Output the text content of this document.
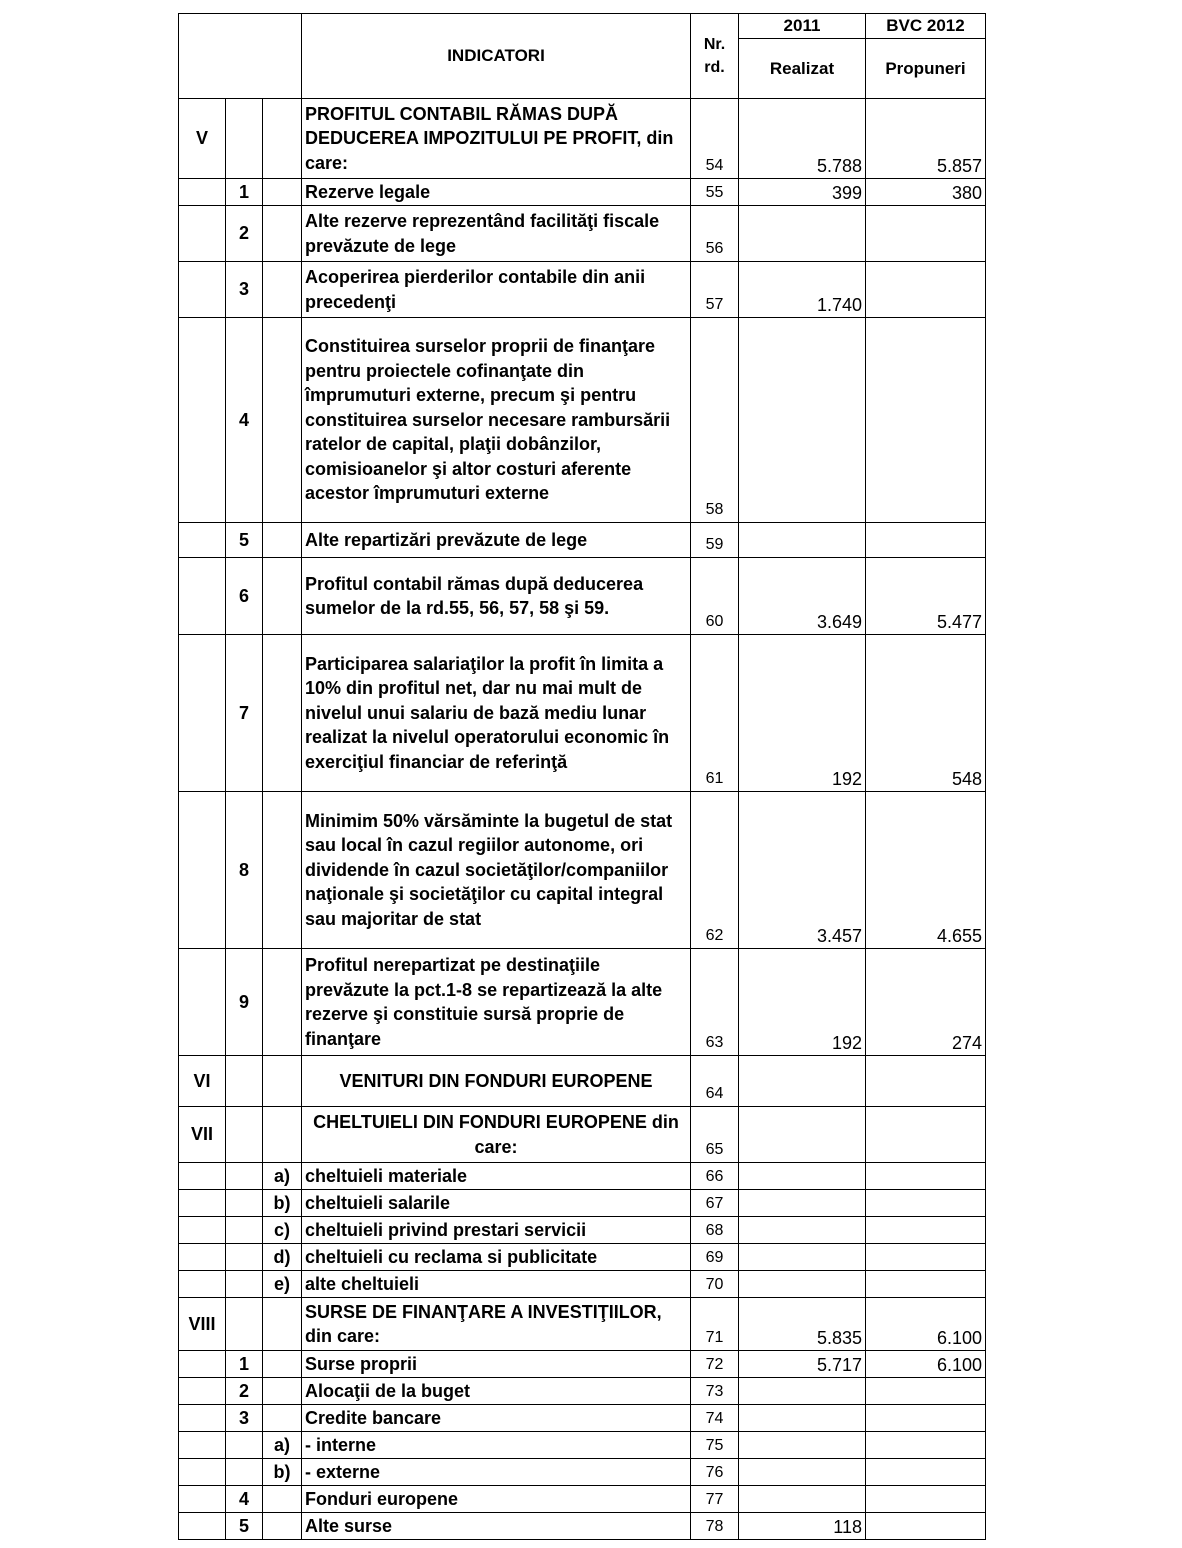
			INDICATORI	Nr.
rd.	2011	BVC 2012
					Realizat	Propuneri
V			PROFITUL CONTABIL RĂMAS DUPĂ DEDUCEREA IMPOZITULUI PE PROFIT, din care:	54	5.788	5.857
	1		Rezerve legale	55	399	380
	2		Alte rezerve reprezentând facilităţi fiscale prevăzute de lege	56		
	3		Acoperirea pierderilor contabile din anii precedenţi	57	1.740	
	4		Constituirea surselor proprii de finanţare pentru proiectele cofinanţate din împrumuturi externe, precum şi pentru constituirea surselor necesare rambursării ratelor de capital, plaţii dobânzilor, comisioanelor şi altor costuri aferente acestor împrumuturi externe	58		
	5		Alte repartizări prevăzute de lege	59		
	6		Profitul contabil rămas după deducerea sumelor de la rd.55, 56, 57, 58 şi 59.	60	3.649	5.477
	7		Participarea salariaţilor la profit în limita a 10% din profitul net, dar nu mai mult de nivelul unui salariu de bază mediu lunar realizat la nivelul operatorului economic în exerciţiul financiar de referinţă	61	192	548
	8		Minimim 50% vărsăminte la bugetul de stat sau local în cazul regiilor autonome, ori dividende în cazul societăţilor/companiilor naţionale şi societăţilor cu capital integral sau majoritar de stat	62	3.457	4.655
	9		Profitul nerepartizat pe destinaţiile prevăzute la pct.1-8 se repartizează la alte rezerve şi constituie sursă proprie de finanţare	63	192	274
VI			VENITURI DIN FONDURI EUROPENE	64		
VII			CHELTUIELI DIN FONDURI EUROPENE din care:	65		
		a)	cheltuieli materiale	66		
		b)	cheltuieli salarile	67		
		c)	cheltuieli privind prestari servicii	68		
		d)	cheltuieli cu reclama si publicitate	69		
		e)	alte cheltuieli	70		
VIII			SURSE DE FINANŢARE A INVESTIŢIILOR, din care:	71	5.835	6.100
	1		Surse proprii	72	5.717	6.100
	2		Alocaţii de la buget	73		
	3		Credite bancare	74		
		a)	- interne	75		
		b)	- externe	76		
	4		Fonduri europene	77		
	5		Alte surse	78	118	
